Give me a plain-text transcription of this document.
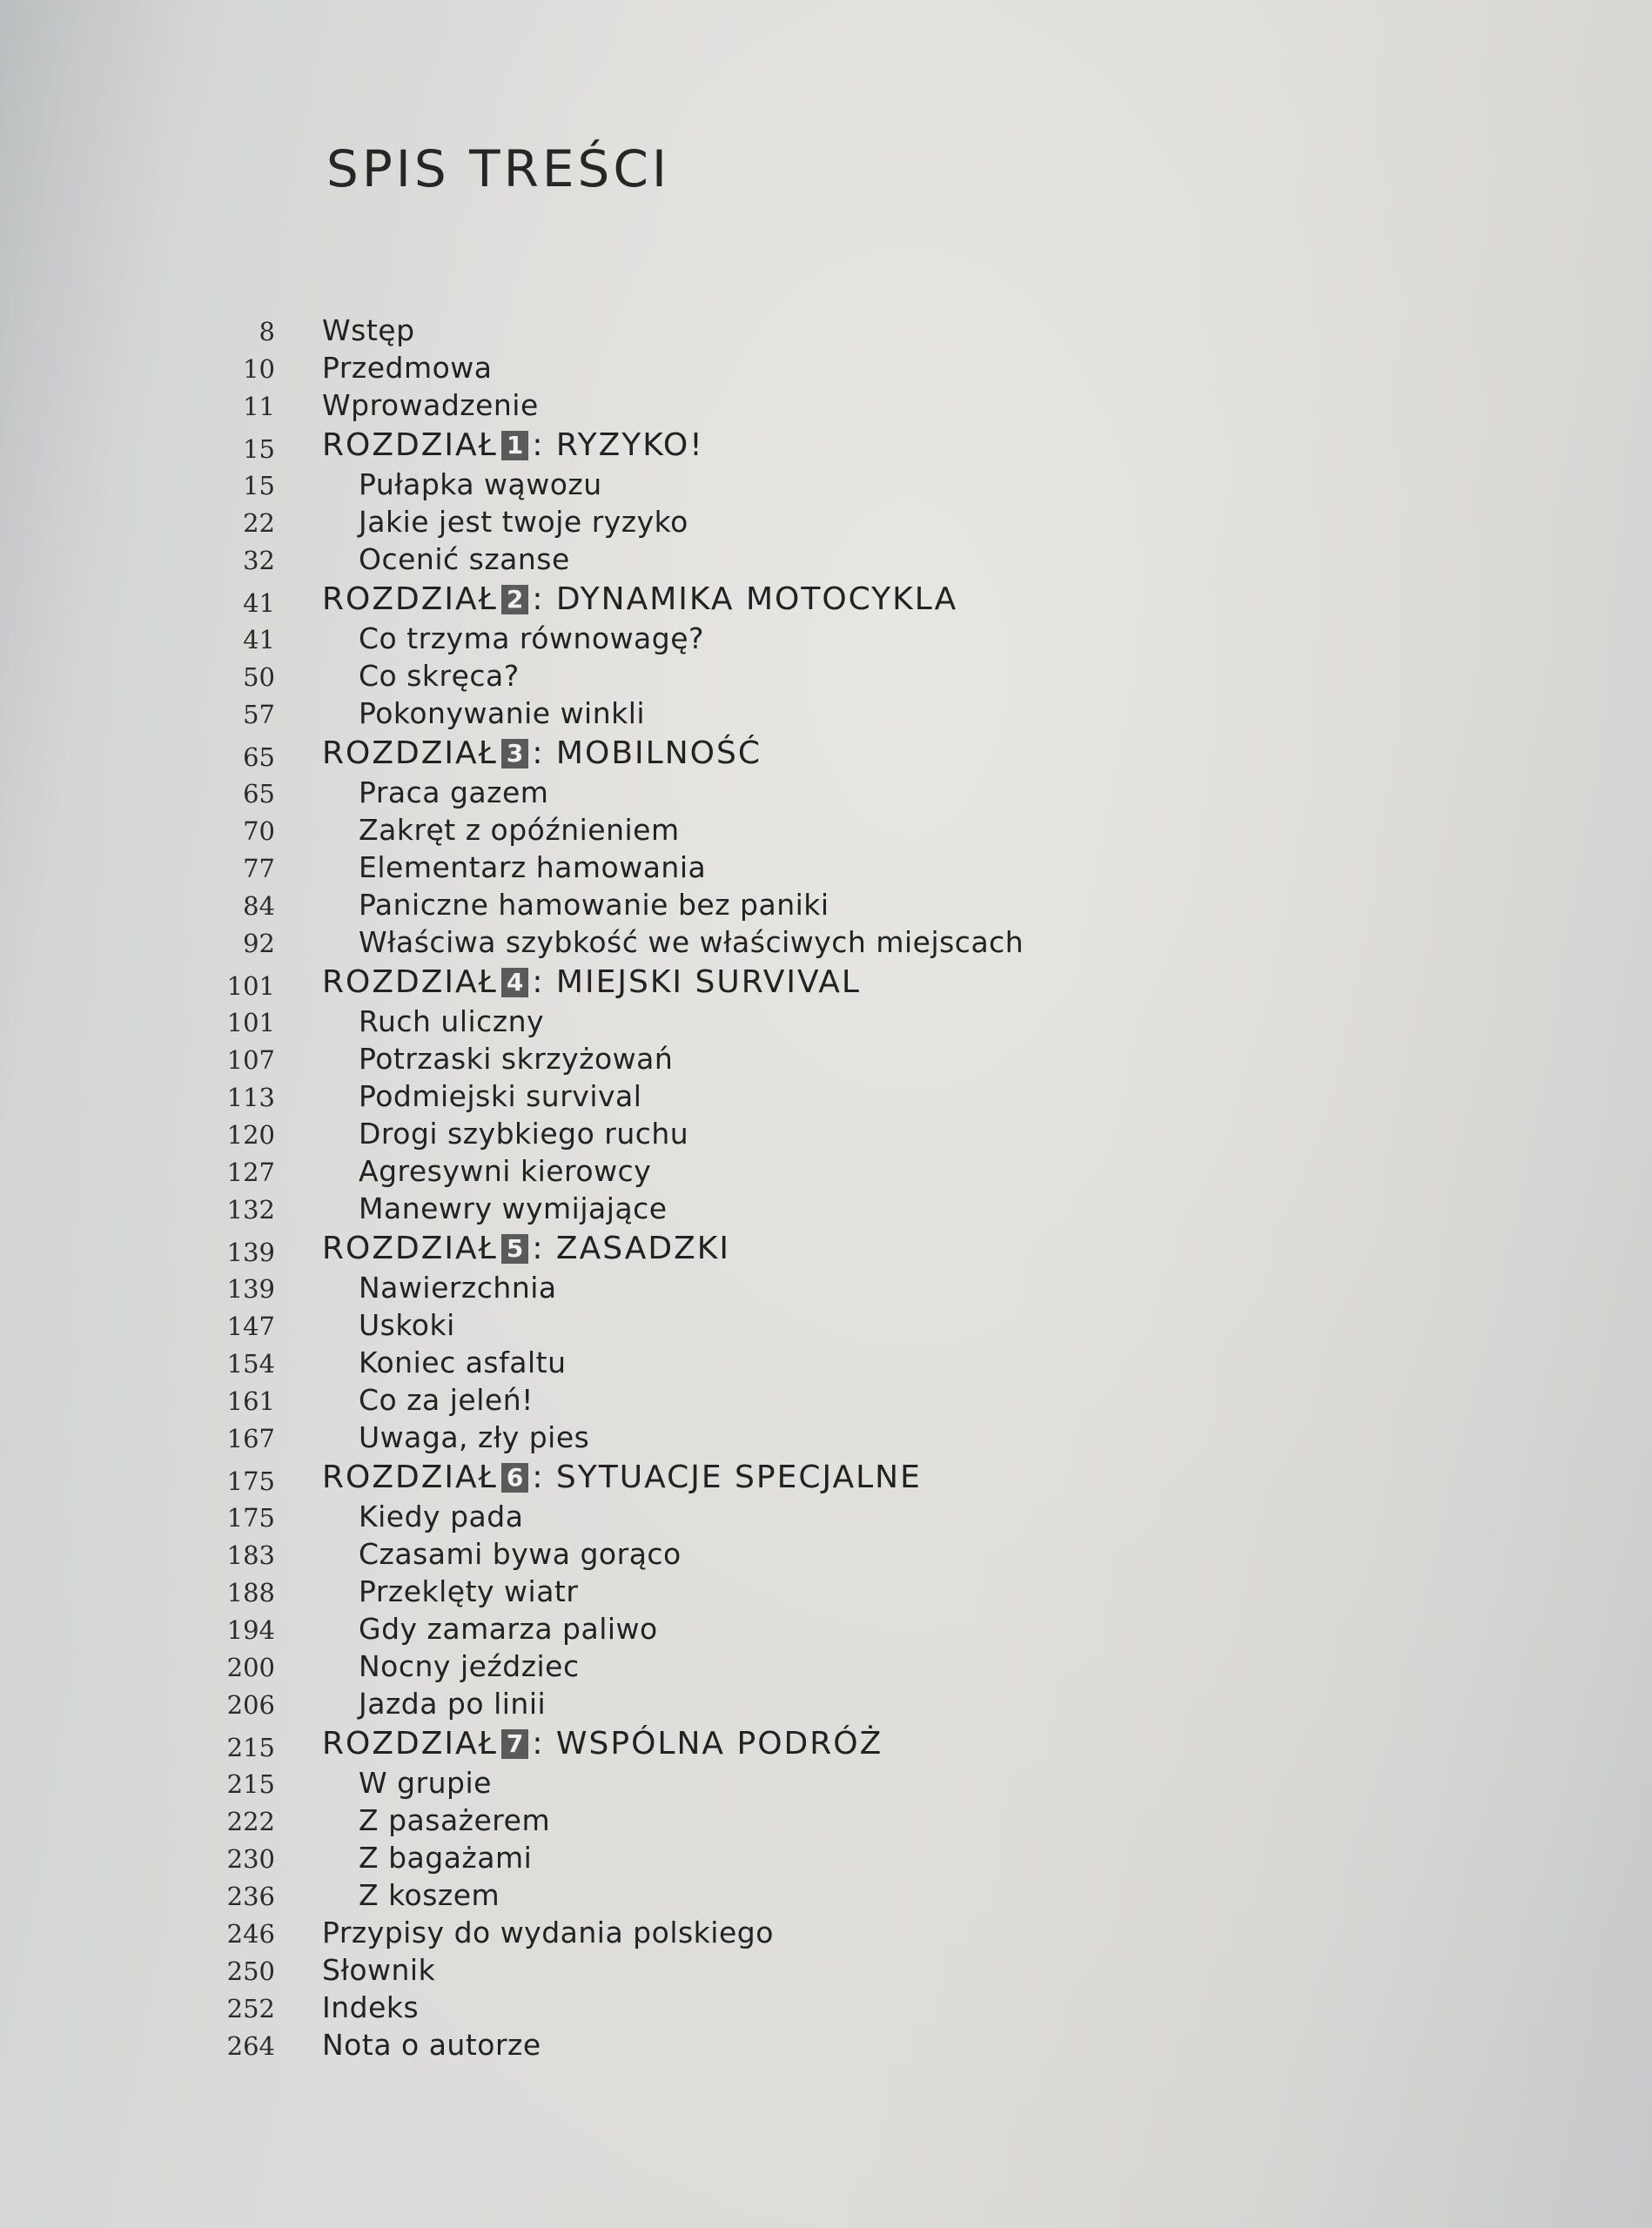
SPIS TREŚCI
8 Wstęp
10 Przedmowa
11 Wprowadzenie
15 ROZDZIAŁ 1 : RYZYKO!
15	Pułapka wąwozu
22	Jakie jest twoje ryzyko
32	Ocenić szanse
41 ROZDZIAŁ 2 : DYNAMIKA MOTOCYKLA
41	Co trzyma równowagę?
50	Co skręca?
57	Pokonywanie winkli
65 ROZDZIAŁ 3 : MOBILNOŚĆ
65	Praca gazem
70	Zakręt z opóźnieniem
77	Elementarz hamowania
84	Paniczne hamowanie bez paniki
92	Właściwa szybkość we właściwych miejscach
101 ROZDZIAŁ 4 : MIEJSKI SURVIVAL
101	Ruch uliczny
107	Potrzaski skrzyżowań
113	Podmiejski survival
120	Drogi szybkiego ruchu
127	Agresywni kierowcy
132	Manewry wymijające
139 ROZDZIAŁ 5 : ZASADZKI
139	Nawierzchnia
147	Uskoki
154	Koniec asfaltu
161	Co za jeleń!
167	Uwaga, zły pies
175 ROZDZIAŁ 6 : SYTUACJE SPECJALNE
175	Kiedy pada
183	Czasami bywa gorąco
188	Przeklęty wiatr
194	Gdy zamarza paliwo
200	Nocny jeździec
206	Jazda po linii
215 ROZDZIAŁ 7 : WSPÓLNA PODRÓŻ
215	W grupie
222	Z pasażerem
230	Z bagażami
236	Z koszem
246 Przypisy do wydania polskiego
250 Słownik
252 Indeks
264 Nota o autorze
